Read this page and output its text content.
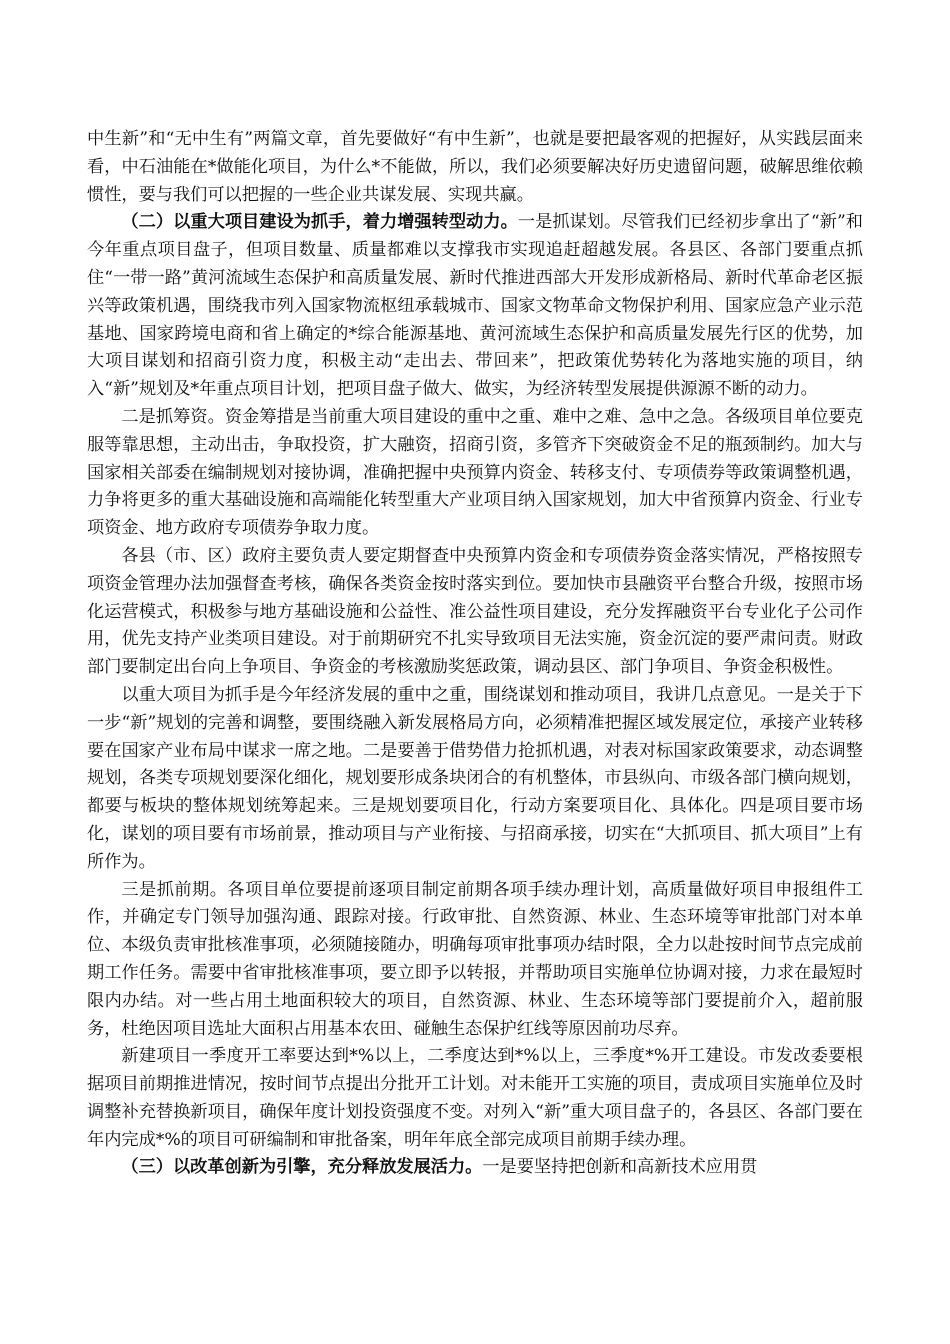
中生新”和“无中生有”两篇文章，首先要做好“有中生新”，也就是要把最客观的把握好，从实践层面来看，中石油能在*做能化项目，为什么*不能做，所以，我们必须要解决好历史遗留问题，破解思维依赖惯性，要与我们可以把握的一些企业共谋发展、实现共赢。

（二）以重大项目建设为抓手，着力增强转型动力。一是抓谋划。尽管我们已经初步拿出了“新”和今年重点项目盘子，但项目数量、质量都难以支撑我市实现追赶超越发展。各县区、各部门要重点抓住“一带一路”黄河流域生态保护和高质量发展、新时代推进西部大开发形成新格局、新时代革命老区振兴等政策机遇，围绕我市列入国家物流枢纽承载城市、国家文物革命文物保护利用、国家应急产业示范基地、国家跨境电商和省上确定的*综合能源基地、黄河流域生态保护和高质量发展先行区的优势，加大项目谋划和招商引资力度，积极主动“走出去、带回来”，把政策优势转化为落地实施的项目，纳入“新”规划及*年重点项目计划，把项目盘子做大、做实，为经济转型发展提供源源不断的动力。

二是抓筹资。资金筹措是当前重大项目建设的重中之重、难中之难、急中之急。各级项目单位要克服等靠思想，主动出击，争取投资，扩大融资，招商引资，多管齐下突破资金不足的瓶颈制约。加大与国家相关部委在编制规划对接协调，准确把握中央预算内资金、转移支付、专项债券等政策调整机遇，力争将更多的重大基础设施和高端能化转型重大产业项目纳入国家规划，加大中省预算内资金、行业专项资金、地方政府专项债券争取力度。

各县（市、区）政府主要负责人要定期督查中央预算内资金和专项债券资金落实情况，严格按照专项资金管理办法加强督查考核，确保各类资金按时落实到位。要加快市县融资平台整合升级，按照市场化运营模式，积极参与地方基础设施和公益性、准公益性项目建设，充分发挥融资平台专业化子公司作用，优先支持产业类项目建设。对于前期研究不扎实导致项目无法实施，资金沉淀的要严肃问责。财政部门要制定出台向上争项目、争资金的考核激励奖惩政策，调动县区、部门争项目、争资金积极性。

以重大项目为抓手是今年经济发展的重中之重，围绕谋划和推动项目，我讲几点意见。一是关于下一步“新”规划的完善和调整，要围绕融入新发展格局方向，必须精准把握区域发展定位，承接产业转移要在国家产业布局中谋求一席之地。二是要善于借势借力抢抓机遇，对表对标国家政策要求，动态调整规划，各类专项规划要深化细化，规划要形成条块闭合的有机整体，市县纵向、市级各部门横向规划，都要与板块的整体规划统筹起来。三是规划要项目化，行动方案要项目化、具体化。四是项目要市场化，谋划的项目要有市场前景，推动项目与产业衔接、与招商承接，切实在“大抓项目、抓大项目”上有所作为。

三是抓前期。各项目单位要提前逐项目制定前期各项手续办理计划，高质量做好项目申报组件工作，并确定专门领导加强沟通、跟踪对接。行政审批、自然资源、林业、生态环境等审批部门对本单位、本级负责审批核准事项，必须随接随办，明确每项审批事项办结时限，全力以赴按时间节点完成前期工作任务。需要中省审批核准事项，要立即予以转报，并帮助项目实施单位协调对接，力求在最短时限内办结。对一些占用土地面积较大的项目，自然资源、林业、生态环境等部门要提前介入，超前服务，杜绝因项目选址大面积占用基本农田、碰触生态保护红线等原因前功尽弃。

新建项目一季度开工率要达到*%以上，二季度达到*%以上，三季度*%开工建设。市发改委要根据项目前期推进情况，按时间节点提出分批开工计划。对未能开工实施的项目，责成项目实施单位及时调整补充替换新项目，确保年度计划投资强度不变。对列入“新”重大项目盘子的，各县区、各部门要在年内完成*%的项目可研编制和审批备案，明年年底全部完成项目前期手续办理。

（三）以改革创新为引擎，充分释放发展活力。一是要坚持把创新和高新技术应用贯
